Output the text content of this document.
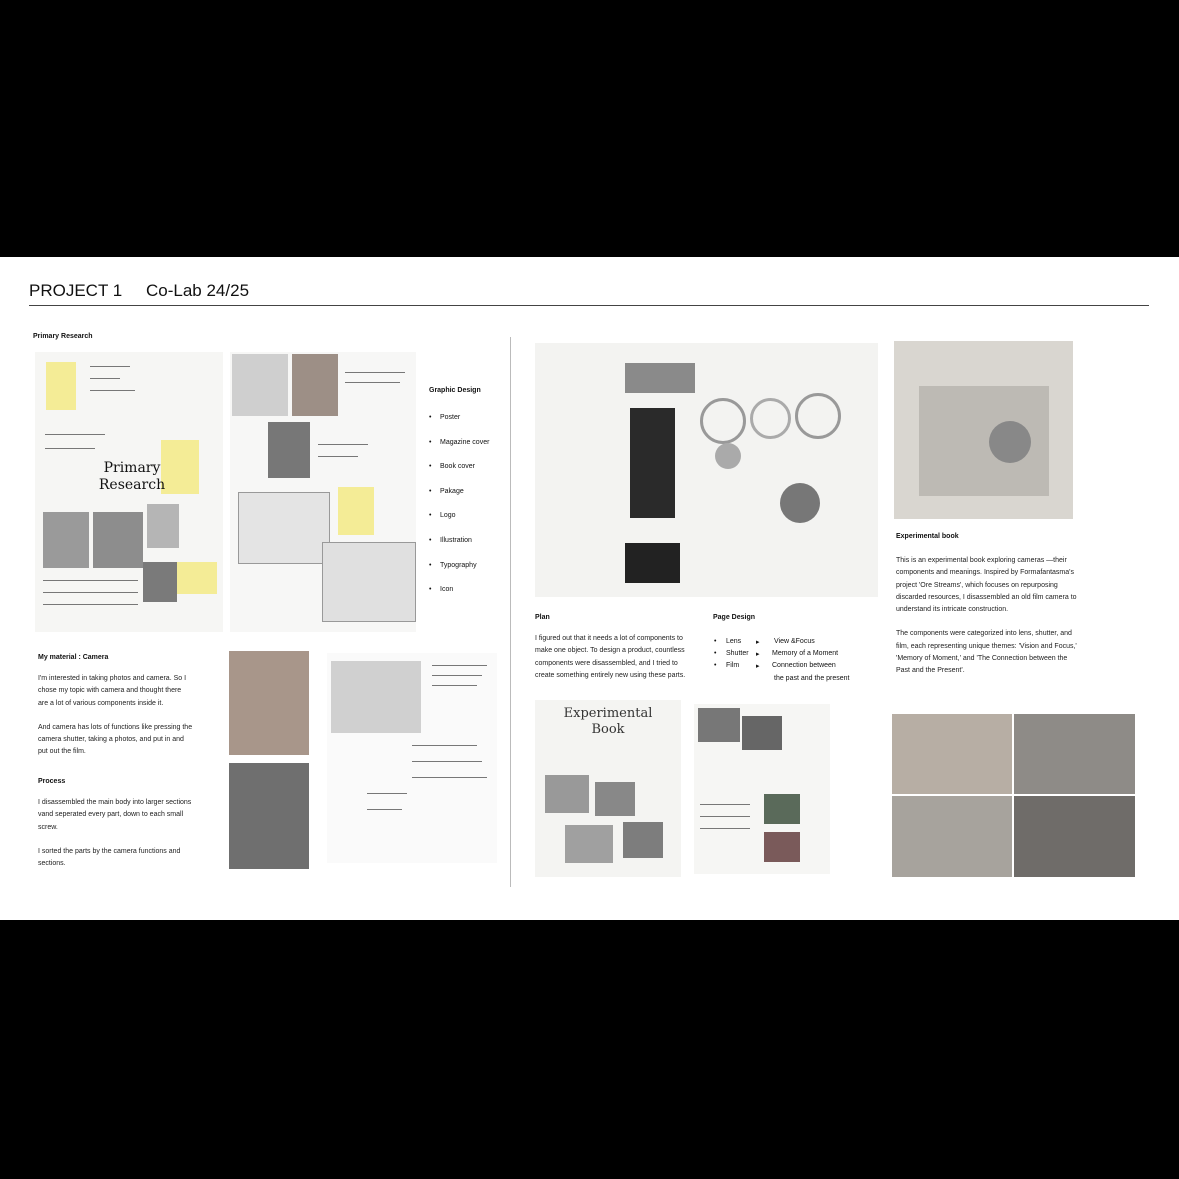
PROJECT 1 Co-Lab 24/25
Primary Research
Primary Research
Graphic Design
• Poster
• Magazine cover
• Book cover
• Pakage
• Logo
• Illustration
• Typography
• Icon
My material : Camera

I'm interested in taking photos and camera. So I chose my topic with camera and thought there are a lot of various components inside it.

And camera has lots of functions like pressing the camera shutter, taking a photos, and put in and put out the film.

Process

I disassembled the main body into larger sections vand seperated every part, down to each small screw.

I sorted the parts by the camera functions and sections.

Experimental book

This is an experimental book exploring cameras —their components and meanings. Inspired by Formafantasma's project 'Ore Streams', which focuses on repurposing discarded resources, I disassembled an old film camera to understand its intricate construction.

The components were categorized into lens, shutter, and film, each representing unique themes: 'Vision and Focus,' 'Memory of Moment,' and 'The Connection between the Past and the Present'.

Plan
I figured out that it needs a lot of components to make one object. To design a product, countless components were disassembled, and I tried to create something entirely new using these parts.
Page Design
• Lens ▸ View &Focus
• Shutter ▸ Memory of a Moment
• Film ▸ Connection between
the past and the present
Experimental Book
